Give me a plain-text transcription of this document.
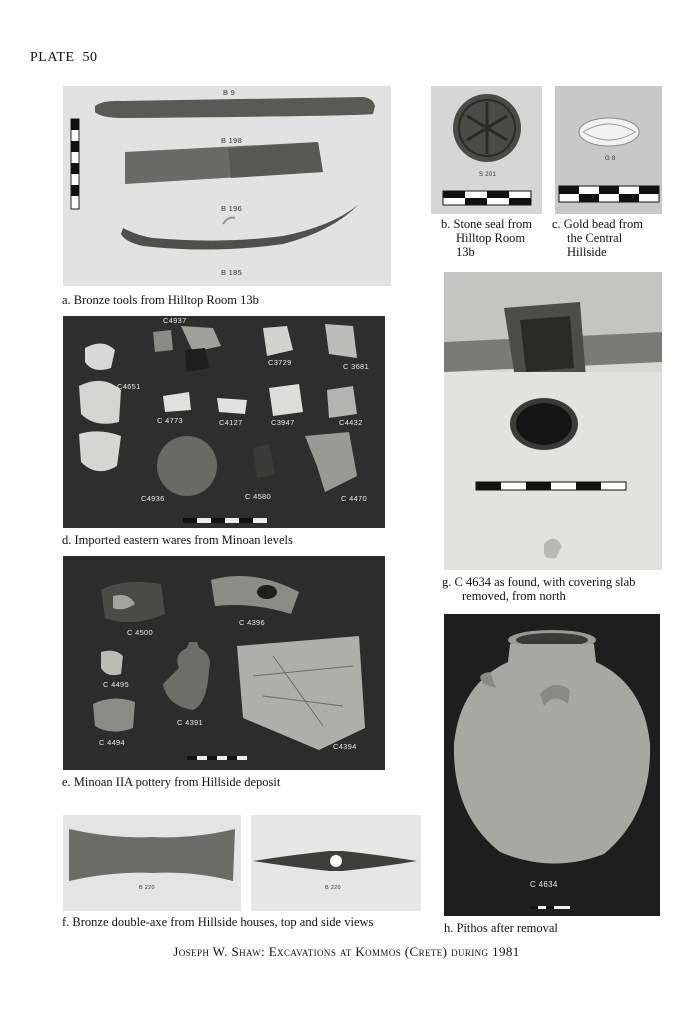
PLATE 50
B 9
B 198
B 196
B 185
a. Bronze tools from Hilltop Room 13b
S 201
b. Stone seal from
Hilltop Room
13b
G 8
c. Gold bead from
the Central
Hillside
C4937
C3729	C 3681
C4651
C 4773	C4127	C3947	C4432
C4936	C 4580	C 4470
d. Imported eastern wares from Minoan levels
C 4500
C 4396
C 4495
C 4391
C 4494	C4394
e. Minoan IIA pottery from Hillside deposit
B 220	B 220
f. Bronze double-axe from Hillside houses, top and side views
g. C 4634 as found, with covering slab
removed, from north
C 4634
h. Pithos after removal
Joseph W. Shaw: Excavations at Kommos (Crete) during 1981
